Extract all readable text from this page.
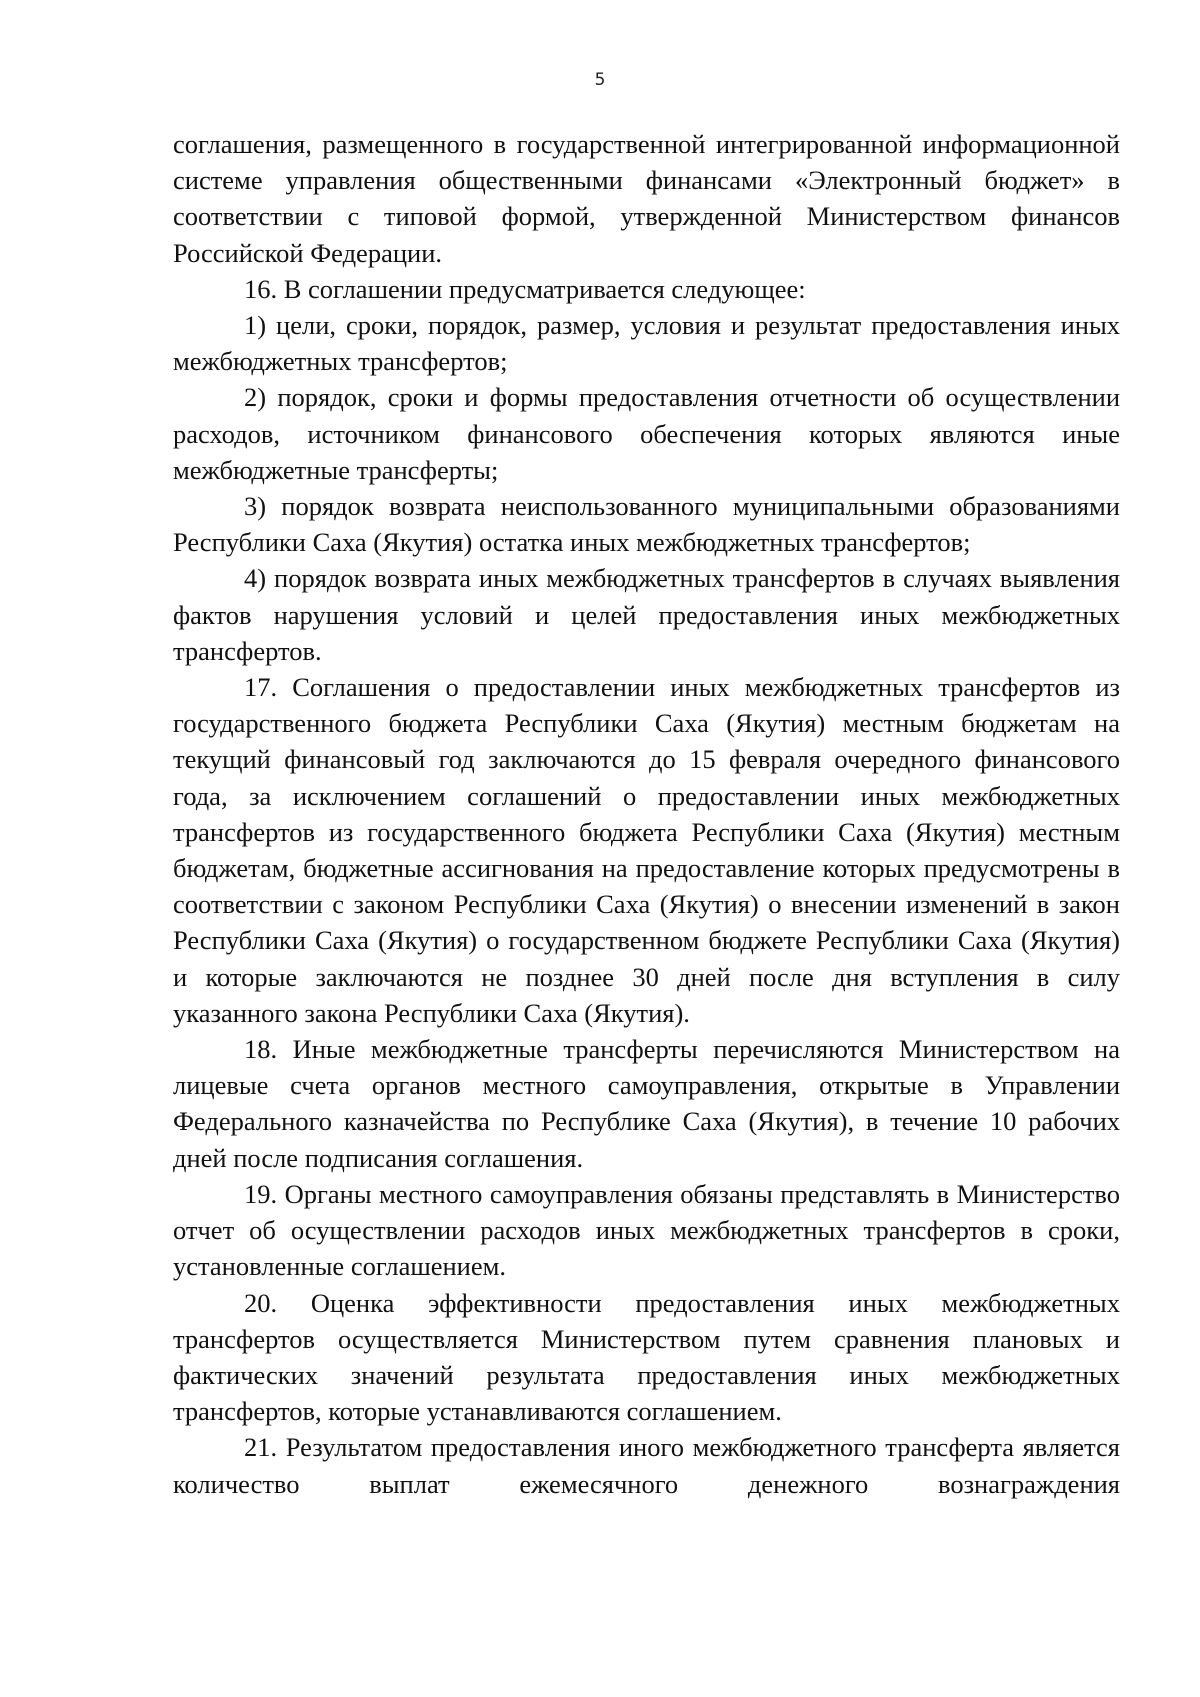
5

соглашения, размещенного в государственной интегрированной информационной системе управления общественными финансами «Электронный бюджет» в соответствии с типовой формой, утвержденной Министерством финансов Российской Федерации.

16. В соглашении предусматривается следующее:

1) цели, сроки, порядок, размер, условия и результат предоставления иных межбюджетных трансфертов;

2) порядок, сроки и формы предоставления отчетности об осуществлении расходов, источником финансового обеспечения которых являются иные межбюджетные трансферты;

3) порядок возврата неиспользованного муниципальными образованиями Республики Саха (Якутия) остатка иных межбюджетных трансфертов;

4) порядок возврата иных межбюджетных трансфертов в случаях выявления фактов нарушения условий и целей предоставления иных межбюджетных трансфертов.

17. Соглашения о предоставлении иных межбюджетных трансфертов из государственного бюджета Республики Саха (Якутия) местным бюджетам на текущий финансовый год заключаются до 15 февраля очередного финансового года, за исключением соглашений о предоставлении иных межбюджетных трансфертов из государственного бюджета Республики Саха (Якутия) местным бюджетам, бюджетные ассигнования на предоставление которых предусмотрены в соответствии с законом Республики Саха (Якутия) о внесении изменений в закон Республики Саха (Якутия) о государственном бюджете Республики Саха (Якутия) и которые заключаются не позднее 30 дней после дня вступления в силу указанного закона Республики Саха (Якутия).

18. Иные межбюджетные трансферты перечисляются Министерством на лицевые счета органов местного самоуправления, открытые в Управлении Федерального казначейства по Республике Саха (Якутия), в течение 10 рабочих дней после подписания соглашения.

19. Органы местного самоуправления обязаны представлять в Министерство отчет об осуществлении расходов иных межбюджетных трансфертов в сроки, установленные соглашением.

20. Оценка эффективности предоставления иных межбюджетных трансфертов осуществляется Министерством путем сравнения плановых и фактических значений результата предоставления иных межбюджетных трансфертов, которые устанавливаются соглашением.

21. Результатом предоставления иного межбюджетного трансферта является количество выплат ежемесячного денежного вознаграждения
